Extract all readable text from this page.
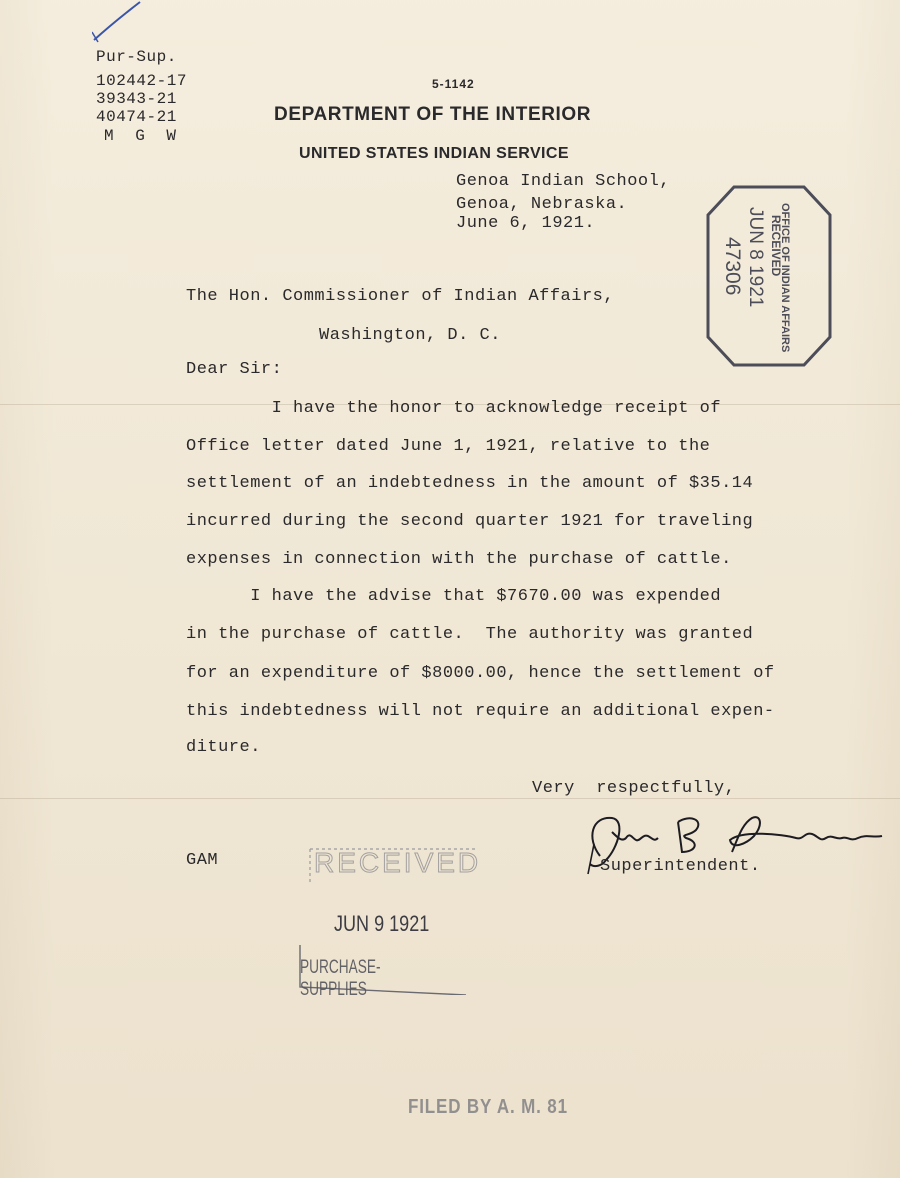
Pur-Sup.
102442-17
39343-21
40474-21
M G W
5-1142
DEPARTMENT OF THE INTERIOR
UNITED STATES INDIAN SERVICE
Genoa Indian School,
Genoa, Nebraska.
June 6, 1921.	OFFICE OF INDIAN AFFAIRS
RECEIVED
JUN 8 1921
47306
The Hon. Commissioner of Indian Affairs,
Washington, D. C.
Dear Sir:
I have the honor to acknowledge receipt of
Office letter dated June 1, 1921, relative to the
settlement of an indebtedness in the amount of $35.14
incurred during the second quarter 1921 for traveling
expenses in connection with the purchase of cattle.
I have the advise that $7670.00 was expended
in the purchase of cattle.  The authority was granted
for an expenditure of $8000.00, hence the settlement of
this indebtedness will not require an additional expen-
diture.
Very  respectfully,
Superintendent.
GAM	RECEIVED
JUN 9 1921
PURCHASE-SUPPLIES
FILED BY A. M. 81
